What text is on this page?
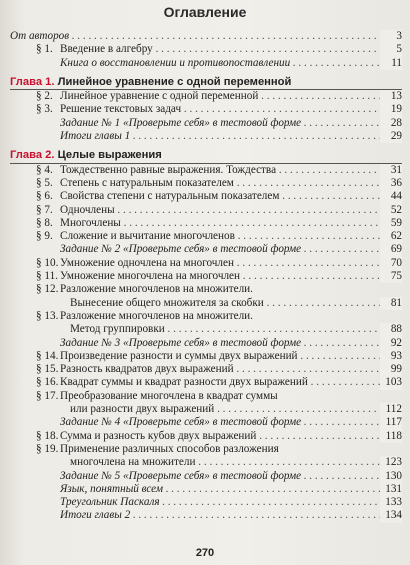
Оглавление
От авторов . . .	3
§ 1. Введение в алгебру . . .	5
Книга о восстановлении и противопоставлении . . .	11
Глава 1. Линейное уравнение с одной переменной
§ 2. Линейное уравнение с одной переменной . . .	13
§ 3. Решение текстовых задач . . .	19
Задание № 1 «Проверьте себя» в тестовой форме . . .	28
Итоги главы 1 . . .	29
Глава 2. Целые выражения
§ 4. Тождественно равные выражения. Тождества . . .	31
§ 5. Степень с натуральным показателем . . .	36
§ 6. Свойства степени с натуральным показателем . . .	44
§ 7. Одночлены . . .	52
§ 8. Многочлены . . .	59
§ 9. Сложение и вычитание многочленов . . .	62
Задание № 2 «Проверьте себя» в тестовой форме . . .	69
§ 10. Умножение одночлена на многочлен . . .	70
§ 11. Умножение многочлена на многочлен . . .	75
§ 12. Разложение многочленов на множители.
Вынесение общего множителя за скобки . . .	81
§ 13. Разложение многочленов на множители.
Метод группировки . . .	88
Задание № 3 «Проверьте себя» в тестовой форме . . .	92
§ 14. Произведение разности и суммы двух выражений . . .	93
§ 15. Разность квадратов двух выражений . . .	99
§ 16. Квадрат суммы и квадрат разности двух выражений . . .	103
§ 17. Преобразование многочлена в квадрат суммы
или разности двух выражений . . .	112
Задание № 4 «Проверьте себя» в тестовой форме . . .	117
§ 18. Сумма и разность кубов двух выражений . . .	118
§ 19. Применение различных способов разложения
многочлена на множители . . .	123
Задание № 5 «Проверьте себя» в тестовой форме . . .	130
Язык, понятный всем . . .	131
Треугольник Паскаля . . .	133
Итоги главы 2 . . .	134
270
